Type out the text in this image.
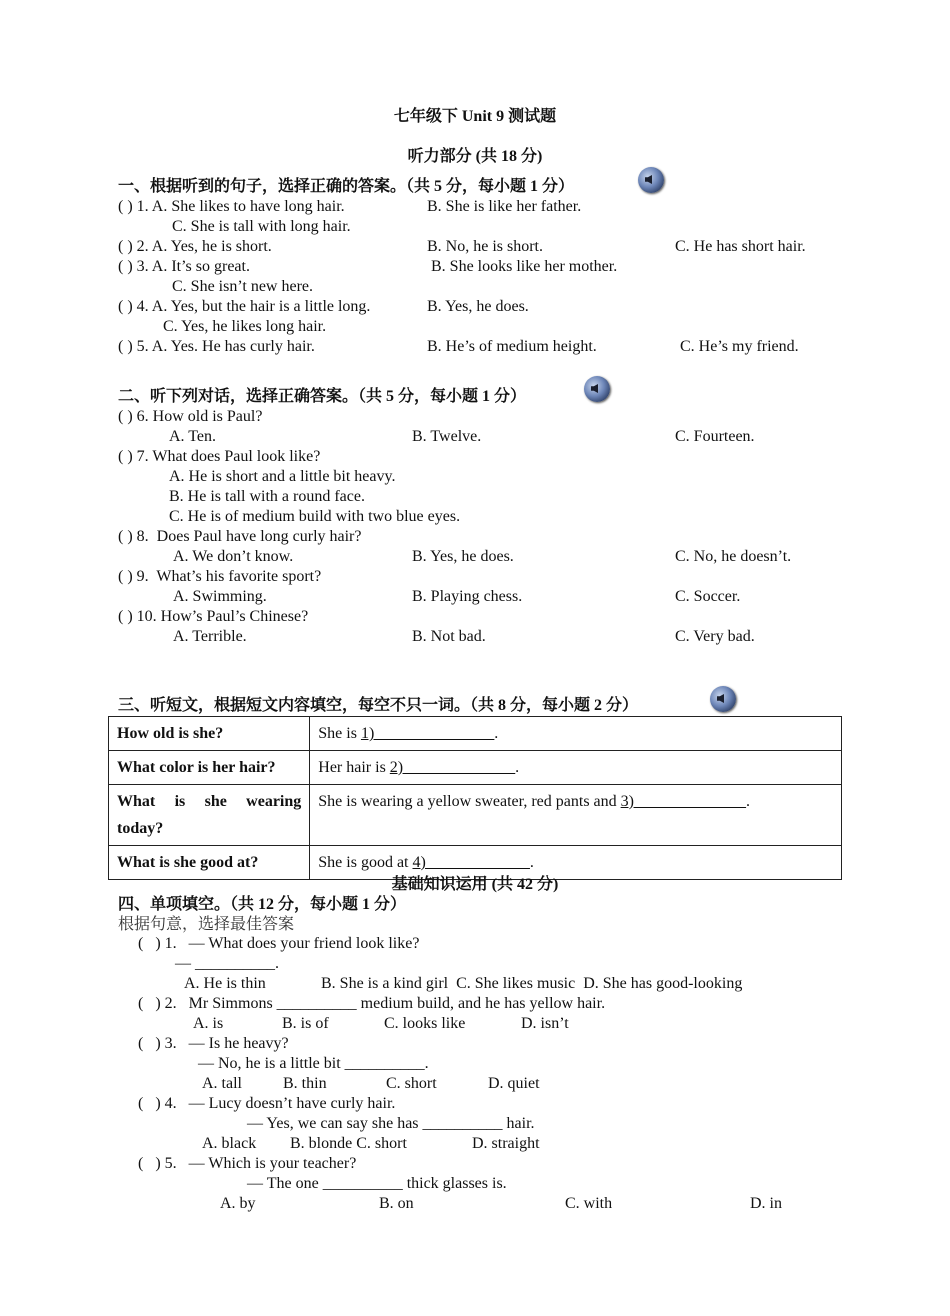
七年级下 Unit 9 测试题
听力部分 (共 18 分)
一、根据听到的句子，选择正确的答案。（共 5 分，每小题 1 分）
( ) 1. A. She likes to have long hair.	B. She is like her father.
C. She is tall with long hair.
( ) 2. A. Yes, he is short.	B. No, he is short.	C. He has short hair.
( ) 3. A. It’s so great.	B. She looks like her mother.
C. She isn’t new here.
( ) 4. A. Yes, but the hair is a little long.	B. Yes, he does.
C. Yes, he likes long hair.
( ) 5. A. Yes. He has curly hair.	B. He’s of medium height.	C. He’s my friend.
二、听下列对话，选择正确答案。（共 5 分，每小题 1 分）
( ) 6. How old is Paul?
A. Ten.	B. Twelve.	C. Fourteen.
( ) 7. What does Paul look like?
A. He is short and a little bit heavy.
B. He is tall with a round face.
C. He is of medium build with two blue eyes.
( ) 8.  Does Paul have long curly hair?
A. We don’t know.	B. Yes, he does.	C. No, he doesn’t.
( ) 9.  What’s his favorite sport?
A. Swimming.	B. Playing chess.	C. Soccer.
( ) 10. How’s Paul’s Chinese?
A. Terrible.	B. Not bad.	C. Very bad.
三、听短文，根据短文内容填空，每空不只一词。（共 8 分，每小题 2 分）
How old is she?	She is 1)_______________.
What color is her hair?	Her hair is 2)______________.
What is she wearing today?	She is wearing a yellow sweater, red pants and 3)______________.
What is she good at?	She is good at 4)_____________.
基础知识运用 (共 42 分)
四、单项填空。（共 12 分，每小题 1 分）
根据句意，选择最佳答案
(   ) 1.   — What does your friend look like?
— __________.
A. He is thin	B. She is a kind girl  C. She likes music  D. She has good-looking
(   ) 2.   Mr Simmons __________ medium build, and he has yellow hair.
A. is	B. is of	C. looks like	D. isn’t
(   ) 3.   — Is he heavy?
— No, he is a little bit __________.
A. tall	B. thin	C. short	D. quiet
(   ) 4.   — Lucy doesn’t have curly hair.
— Yes, we can say she has __________ hair.
A. black B. blonde C. short	D. straight
(   ) 5.   — Which is your teacher?
— The one __________ thick glasses is.
A. by	B. on	C. with	D. in
